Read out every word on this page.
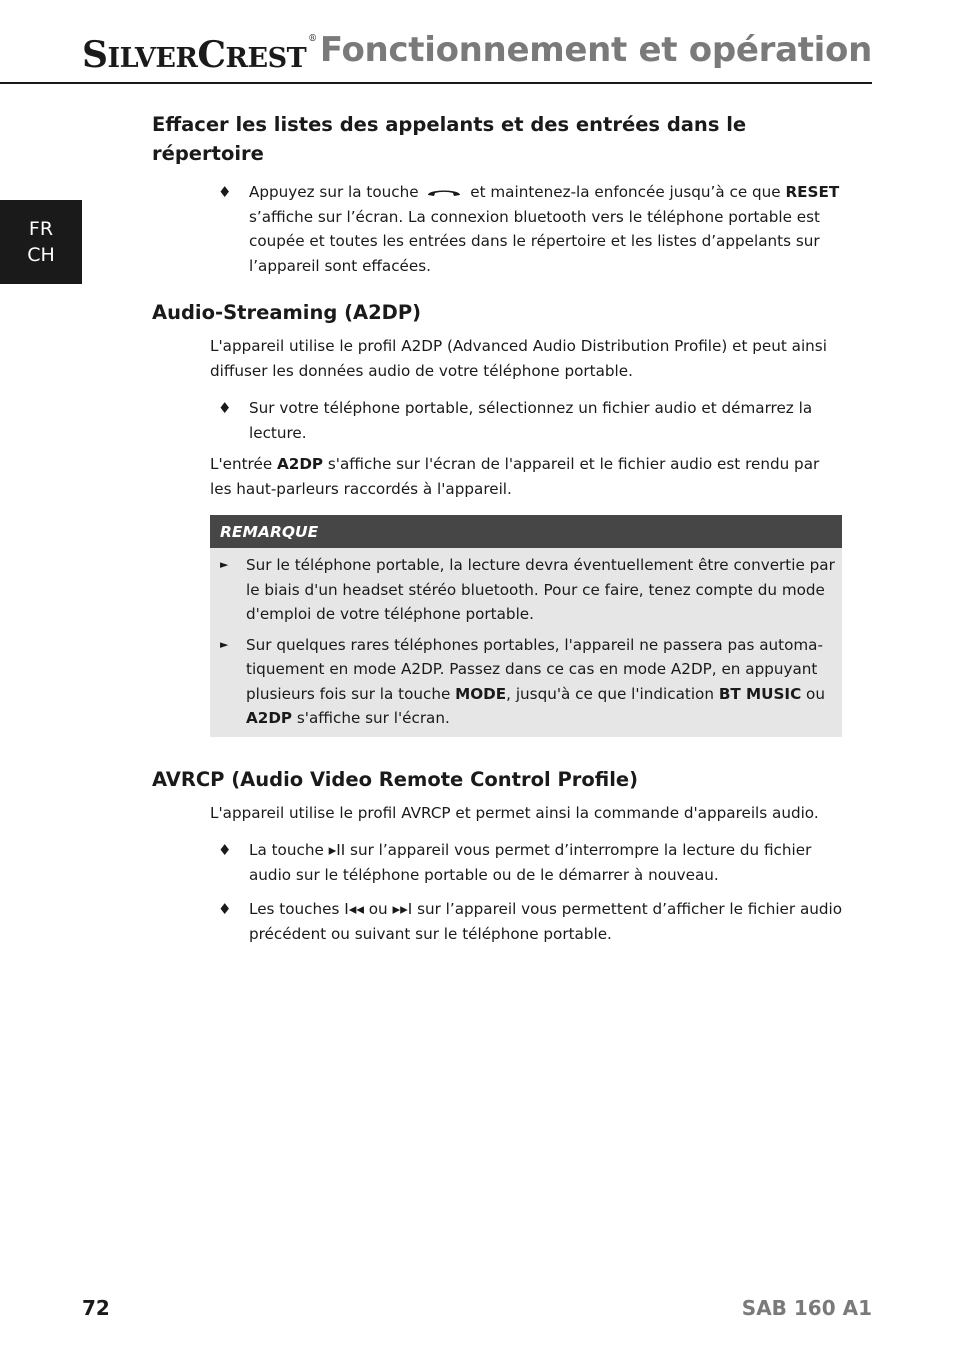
SILVERCREST® Fonctionnement et opération
FR
CH
Effacer les listes des appelants et des entrées dans le répertoire
♦ Appuyez sur la touche	et maintenez-la enfoncée jusqu’à ce que RESET s’affiche sur l’écran. La connexion bluetooth vers le téléphone portable est coupée et toutes les entrées dans le répertoire et les listes d’appelants sur l’appareil sont effacées.
Audio-Streaming (A2DP)

L'appareil utilise le profil A2DP (Advanced Audio Distribution Profile) et peut ainsi diffuser les données audio de votre téléphone portable.

♦ Sur votre téléphone portable, sélectionnez un fichier audio et démarrez la lecture.

L'entrée A2DP s'affiche sur l'écran de l'appareil et le fichier audio est rendu par les haut-parleurs raccordés à l'appareil.

REMARQUE
► Sur le téléphone portable, la lecture devra éventuellement être convertie par le biais d'un headset stéréo bluetooth. Pour ce faire, tenez compte du mode d'emploi de votre téléphone portable.
► Sur quelques rares téléphones portables, l'appareil ne passera pas automa-tiquement en mode A2DP. Passez dans ce cas en mode A2DP, en appuyant plusieurs fois sur la touche MODE, jusqu'à ce que l'indication BT MUSIC ou A2DP s'affiche sur l'écran.
AVRCP (Audio Video Remote Control Profile)

L'appareil utilise le profil AVRCP et permet ainsi la commande d'appareils audio.

♦ La touche ▸II sur l’appareil vous permet d’interrompre la lecture du fichier audio sur le téléphone portable ou de le démarrer à nouveau.
♦ Les touches I◂◂ ou ▸▸I sur l’appareil vous permettent d’afficher le fichier audio précédent ou suivant sur le téléphone portable.
72	SAB 160 A1
